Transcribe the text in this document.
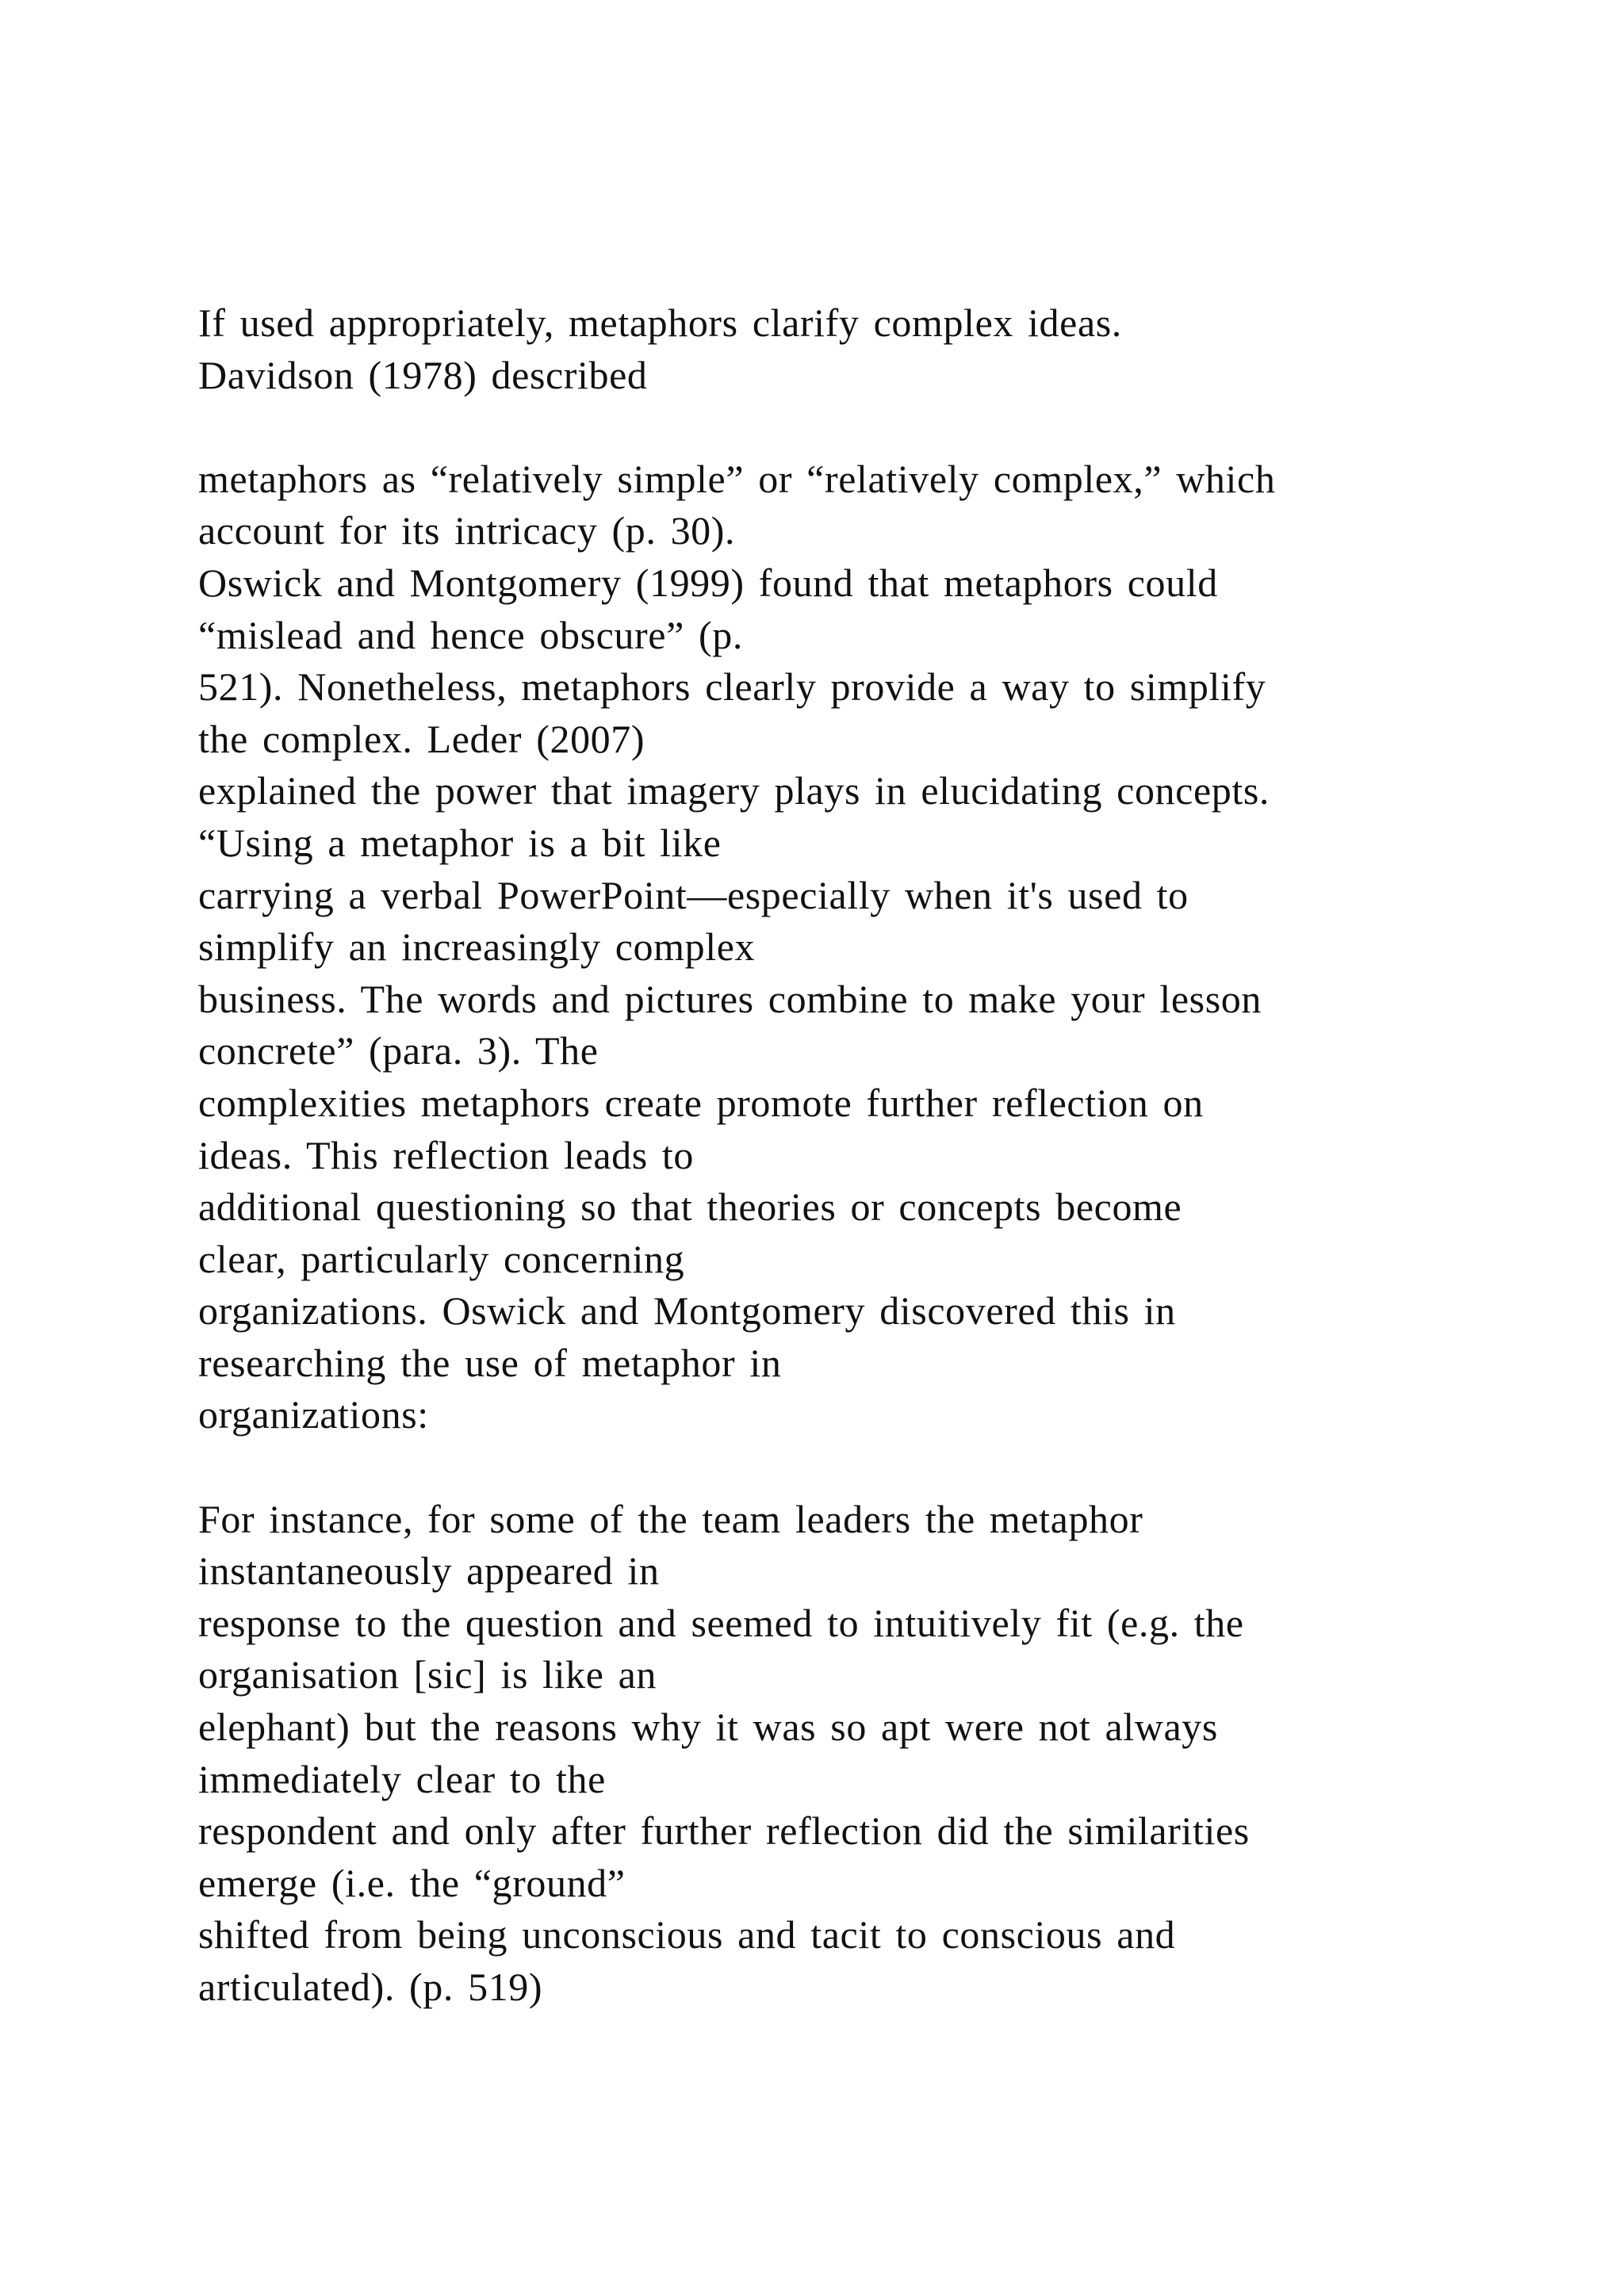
If used appropriately, metaphors clarify complex ideas.
Davidson (1978) described
metaphors as “relatively simple” or “relatively complex,” which
account for its intricacy (p. 30).
Oswick and Montgomery (1999) found that metaphors could
“mislead and hence obscure” (p.
521). Nonetheless, metaphors clearly provide a way to simplify
the complex. Leder (2007)
explained the power that imagery plays in elucidating concepts.
“Using a metaphor is a bit like
carrying a verbal PowerPoint—especially when it's used to
simplify an increasingly complex
business. The words and pictures combine to make your lesson
concrete” (para. 3). The
complexities metaphors create promote further reflection on
ideas. This reflection leads to
additional questioning so that theories or concepts become
clear, particularly concerning
organizations. Oswick and Montgomery discovered this in
researching the use of metaphor in
organizations:
For instance, for some of the team leaders the metaphor
instantaneously appeared in
response to the question and seemed to intuitively fit (e.g. the
organisation [sic] is like an
elephant) but the reasons why it was so apt were not always
immediately clear to the
respondent and only after further reflection did the similarities
emerge (i.e. the “ground”
shifted from being unconscious and tacit to conscious and
articulated). (p. 519)
